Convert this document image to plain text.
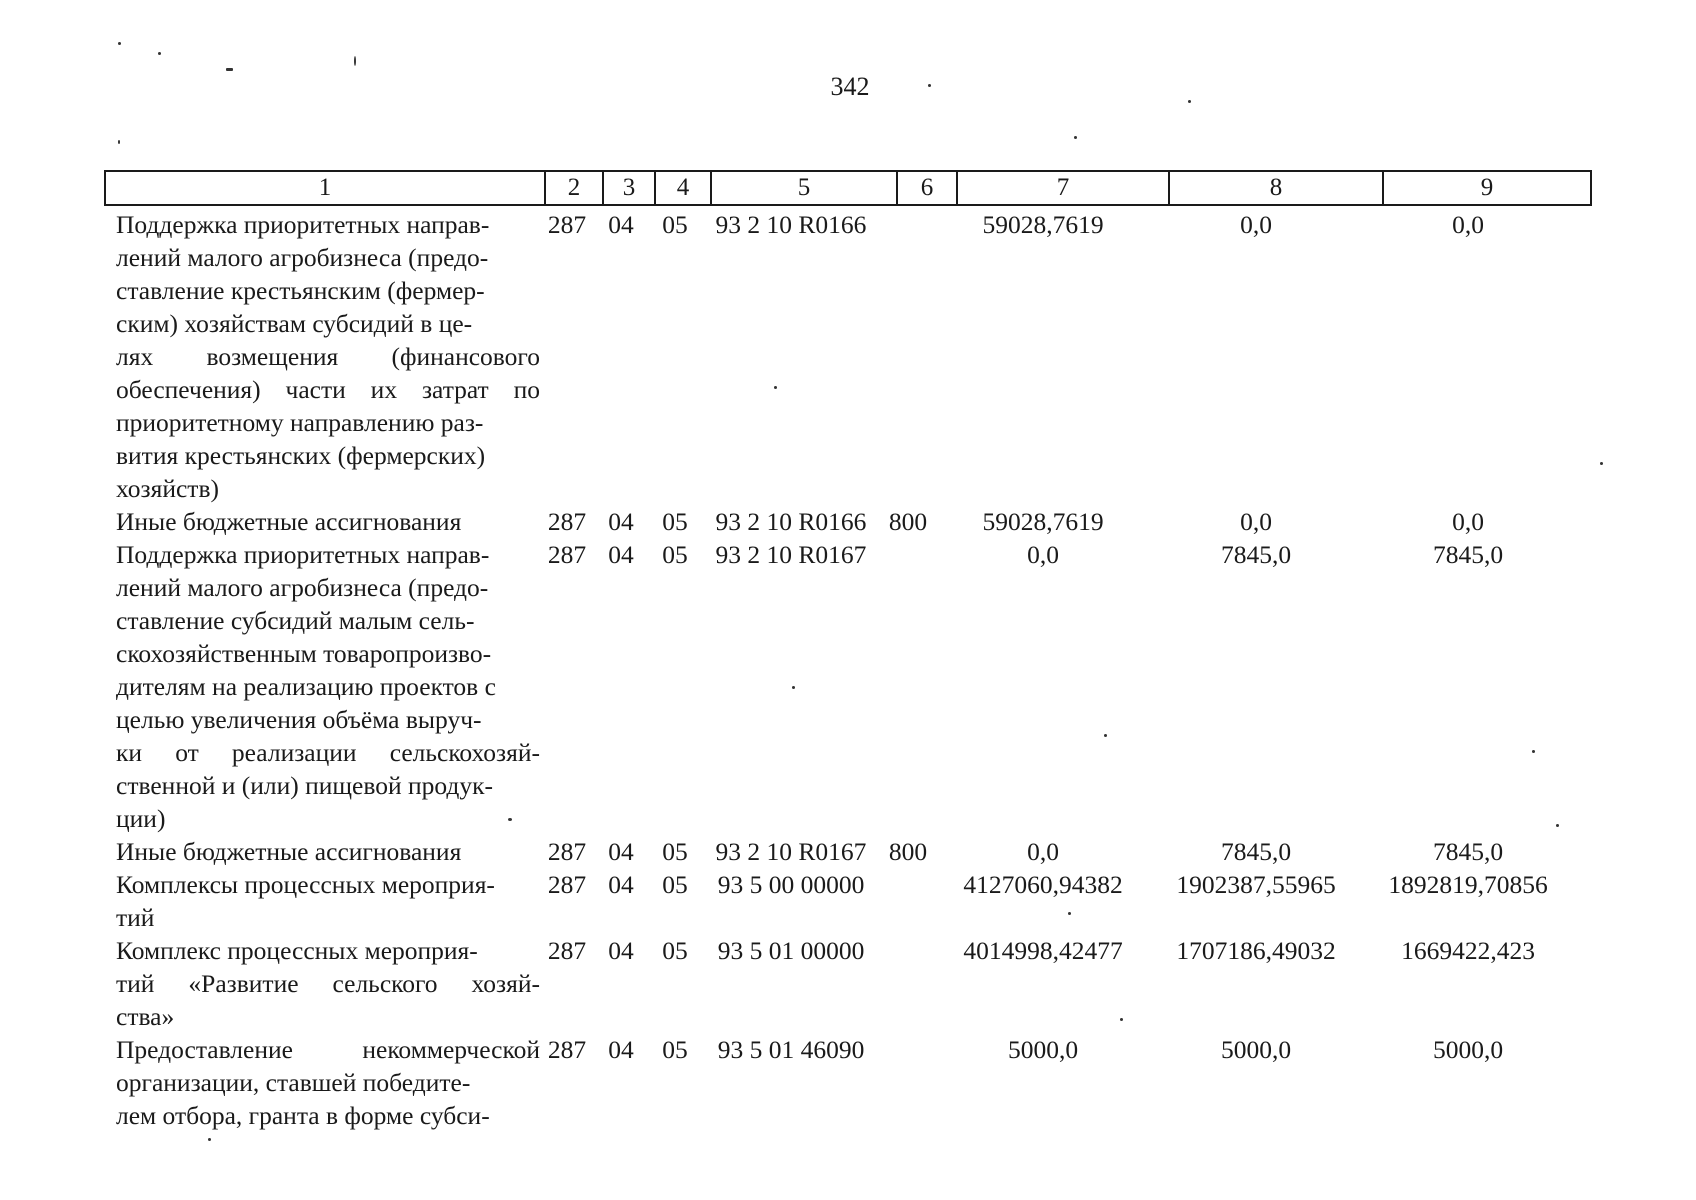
342
1	2	3	4	5	6	7	8	9
Поддержка приоритетных направ-
лений малого агробизнеса (предо-
ставление крестьянским (фермер-
ским) хозяйствам субсидий в це-
лях возмещения (финансового
обеспечения) части их затрат по
приоритетному направлению раз-
вития крестьянских (фермерских)
хозяйств)
287 04	05	93 2 10 R0166	59028,7619	0,0	0,0
Иные бюджетные ассигнования	287 04	05	93 2 10 R0166 800	59028,7619	0,0	0,0
Поддержка приоритетных направ-
лений малого агробизнеса (предо-
ставление субсидий малым сель-
скохозяйственным товаропроизво-
дителям на реализацию проектов с
целью увеличения объёма выруч-
ки от реализации сельскохозяй-
ственной и (или) пищевой продук-
ции)
287 04	05	93 2 10 R0167	0,0	7845,0	7845,0
Иные бюджетные ассигнования	287 04	05	93 2 10 R0167 800	0,0	7845,0	7845,0
Комплексы процессных мероприя-
тий
287 04	05	93 5 00 00000	4127060,94382	1902387,55965	1892819,70856
Комплекс процессных мероприя-
тий «Развитие сельского хозяй-
ства»
287 04	05	93 5 01 00000	4014998,42477	1707186,49032	1669422,423
Предоставление некоммерческой
организации, ставшей победите-
лем отбора, гранта в форме субси-
287 04	05	93 5 01 46090	5000,0	5000,0	5000,0
